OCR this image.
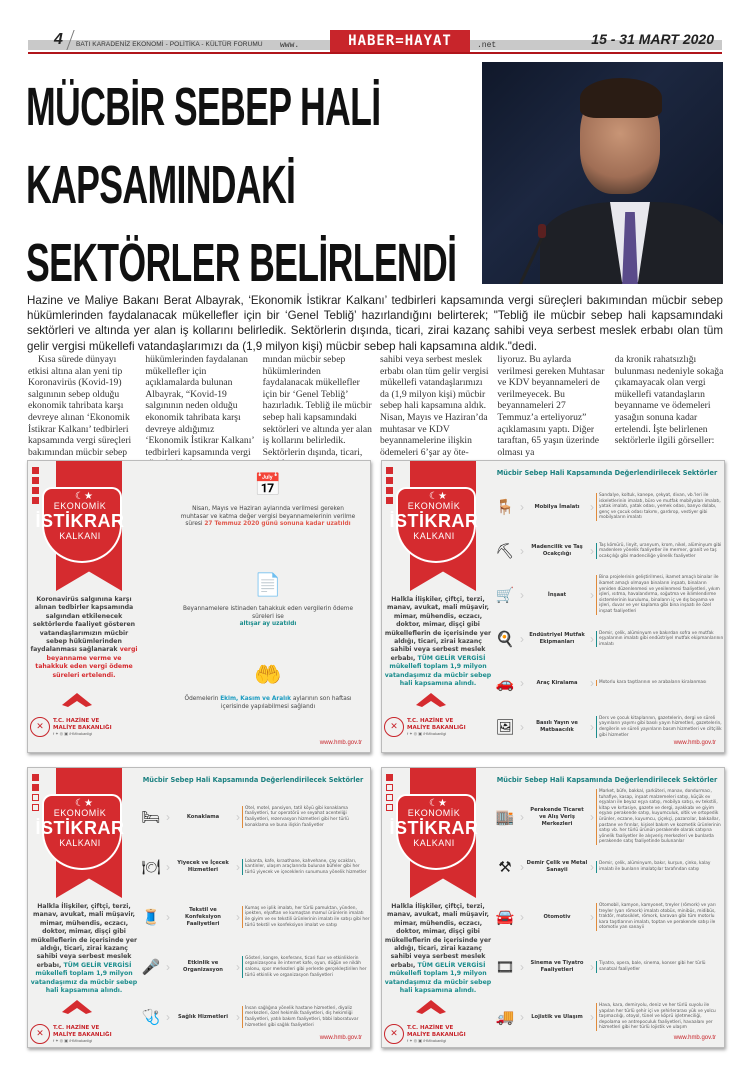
4 BATI KARADENİZ EKONOMİ - POLİTİKA - KÜLTÜR FORUMU www.	HABER=HAYAT	.net	15 - 31 MART 2020
MÜCBİR SEBEP HALİ
KAPSAMINDAKİ
SEKTÖRLER BELİRLENDİ

Hazine ve Maliye Bakanı Berat Albayrak, ‘Ekonomik İstikrar Kalkanı’ tedbirleri kapsamında vergi süreçleri bakımından mücbir sebep hükümlerinden faydalanacak mükellefler için bir ‘Genel Tebliğ’ hazırlandığını belirterek; "Tebliğ ile mücbir sebep hali kapsamındaki sektörleri ve altında yer alan iş kollarını belirledik. Sektörlerin dışında, ticari, zirai kazanç sahibi veya serbest meslek erbabı olan tüm gelir vergisi mükellefi vatandaşlarımızı da (1,9 milyon kişi) mücbir sebep hali kapsamına aldık."dedi.

Kısa sürede dünyayı etkisi altına alan yeni tip Koronavirüs (Kovid-19) salgınının sebep olduğu ekonomik tahribata karşı devreye alınan ‘Ekonomik İstikrar Kalkanı’ tedbirleri kapsamında vergi süreçleri bakımından mücbir sebep

hükümlerinden faydalanan mükellefler için açıklamalarda bulunan Albayrak, “Kovid-19 salgınının neden olduğu ekonomik tahribata karşı devreye aldığımız ‘Ekonomik İstikrar Kalkanı’ tedbirleri kapsamında vergi

mından mücbir sebep hükümlerinden faydalanacak mükellefler için bir ‘Genel Tebliğ’ hazırladık. Tebliğ ile mücbir sebep hali kapsamındaki sektörleri ve altında yer alan iş kollarını belirledik. Sektörlerin dışında, ticari,

sahibi veya serbest meslek erbabı olan tüm gelir vergisi mükellefi vatandaşlarımızı da (1,9 milyon kişi) mücbir sebep hali kapsamına aldık. Nisan, Mayıs ve Haziran’da muhtasar ve KDV beyannamelerine ilişkin ödemeleri 6’şar ay öte-

liyoruz. Bu aylarda verilmesi gereken Muhtasar ve KDV beyannameleri de verilmeyecek. Bu beyannameleri 27 Temmuz’a erteliyoruz” açıklamasını yaptı. Diğer taraftan, 65 yaşın üzerinde olması ya

da kronik rahatsızlığı bulunması nedeniyle sokağa çıkamayacak olan vergi mükellefi vatandaşların beyanname ve ödemeleri yasağın sonuna kadar ertelendi. İşte belirlenen sektörlerle ilgili görseller:

☾★
EKONOMİK
İSTİKRAR
KALKANI
Koronavirüs salgınına karşı alınan tedbirler kapsamında salgından etkilenecek sektörlerde faaliyet gösteren vatandaşlarımızın mücbir sebep hükümlerinden faydalanması sağlanarak vergi beyanname verme ve tahakkuk eden vergi ödeme süreleri ertelendi.
✕	T.C. HAZİNE VE
MALİYE BAKANLIĞI
f ✦ ◎ ▣ /HMbakanligi
📅
Nisan, Mayıs ve Haziran aylarında verilmesi gereken muhtasar ve katma değer vergisi beyannamelerinin verilme süresi 27 Temmuz 2020 günü sonuna kadar uzatıldı
📄
Beyannamelere istinaden tahakkuk eden vergilerin ödeme süreleri ise
altışar ay uzatıldı
🤲
Ödemelerin Ekim, Kasım ve Aralık aylarının son haftası içerisinde yapılabilmesi sağlandı
www.hmb.gov.tr
☾★
EKONOMİK
İSTİKRAR
KALKANI
Halkla İlişkiler, çiftçi, terzi, manav, avukat, mali müşavir, mimar, mühendis, eczacı, doktor, mimar, dişçi gibi mükelleflerin de içerisinde yer aldığı, ticari, zirai kazanç sahibi veya serbest meslek erbabı, TÜM GELİR VERGİSİ mükellefi toplam 1,9 milyon vatandaşımız da mücbir sebep hali kapsamına alındı.
✕	T.C. HAZİNE VE
MALİYE BAKANLIĞI
f ✦ ◎ ▣ /HMbakanligi
Mücbir Sebep Hali Kapsamında Değerlendirilecek Sektörler
🪑 ›	Mobilya İmalatı ›
Sandalye, koltuk, kanepe, çekyat, divan, vb.'leri ile iskeletlerinin imalatı, büro ve mutfak mobilyaları imalatı, yatak imalatı, yatak odası, yemek odası, banyo dolabı, genç ve çocuk odası takımı, gardırop, vestiyer gibi mobilyaların imalatı
⛏ ›	Madencilik ve Taş Ocakçılığı	›	Taş kömürü, linyit, uranyum, krom, nikel, alüminyum gibi madenlere yönelik faaliyetler ile mermer, granit ve taş ocakçılığı gibi madenciliğe yönelik faaliyetler
🛒 ›	İnşaat	›
Bina projelerinin geliştirilmesi, ikamet amaçlı binalar ile ikamet amaçlı olmayan binaların inşaatı, binaların yeniden düzenlenmesi ve yenilenmesi faaliyetleri, yıkım işleri, ısıtma, havalandırma, soğutma ve iklimlendirme sistemlerinin kurulumu, binaların iç ve dış boyama ve işleri, duvar ve yer kaplama gibi bina inşaatı ile özel inşaat faaliyetleri
🍳 ›	Endüstriyel Mutfak Ekipmanları	›	Demir, çelik, alüminyum ve bakırdan sofra ve mutfak eşyalarının imalatı gibi endüstriyel mutfak ekipmanlarının imalatı
🚗 ›	Araç Kiralama	›	Motorlu kara taşıtlarının ve arabaların kiralanması
🖼 ›	Basılı Yayın ve Matbaacılık	›
Ders ve çocuk kitaplarının, gazetelerin, dergi ve süreli yayınların yayımı gibi basılı yayın hizmetleri, gazetelerin, dergilerin ve süreli yayınların basım hizmetleri ve ciltçilik gibi hizmetler
www.hmb.gov.tr
☾★
EKONOMİK
İSTİKRAR
KALKANI
Halkla İlişkiler, çiftçi, terzi, manav, avukat, mali müşavir, mimar, mühendis, eczacı, doktor, mimar, dişçi gibi mükelleflerin de içerisinde yer aldığı, ticari, zirai kazanç sahibi veya serbest meslek erbabı, TÜM GELİR VERGİSİ mükellefi toplam 1,9 milyon vatandaşımız da mücbir sebep hali kapsamına alındı.
✕	T.C. HAZİNE VE
MALİYE BAKANLIĞI
f ✦ ◎ ▣ /HMbakanligi
Mücbir Sebep Hali Kapsamında Değerlendirilecek Sektörler
🛏 ›	Konaklama	›
Otel, motel, pansiyon, tatil köyü gibi konaklama faaliyetleri, tur operatörü ve seyahat acenteliği faaliyetleri, rezervasyon hizmetleri gibi her türlü konaklama ve buna ilişkin faaliyetler
🍽 ›	Yiyecek ve İçecek Hizmetleri	›	Lokanta, kafe, kıraathane, kahvehane, çay ocakları, kantinler, ulaşım araçlarında bulunan büfeler gibi her türlü yiyecek ve içeceklerin sunumuna yönelik hizmetler
🧵 ›
Tekstil ve Konfeksiyon Faaliyetleri	›
Kumaş ve iplik imalatı, her türlü pamuktan, yünden, ipekten, elyaftan ve kumaştan mamul ürünlerin imalatı ile giyim ve ev tekstili ürünlerinin imalatı ile satışı gibi her türlü tekstil ve konfeksiyon imalat ve satışı
🎤 ›	Etkinlik ve Organizasyon	›
Gösteri, kongre, konferans, ticari fuar ve etkinliklerin organizasyonu ile internet kafe, oyun, düğün ve nikâh salonu, spor merkezleri gibi yerlerde gerçekleştirilen her türlü etkinlik ve organizasyon faaliyetleri
🩺 ›	Sağlık Hizmetleri ›
İnsan sağlığına yönelik hastane hizmetleri, diyaliz merkezleri, özel hekimlik faaliyetleri, diş hekimliği faaliyetleri, yatılı bakım faaliyetleri, tıbbi laboratuvar hizmetleri gibi sağlık faaliyetleri
www.hmb.gov.tr
☾★
EKONOMİK
İSTİKRAR
KALKANI
Halkla İlişkiler, çiftçi, terzi, manav, avukat, mali müşavir, mimar, mühendis, eczacı, doktor, mimar, dişçi gibi mükelleflerin de içerisinde yer aldığı, ticari, zirai kazanç sahibi veya serbest meslek erbabı, TÜM GELİR VERGİSİ mükellefi toplam 1,9 milyon vatandaşımız da mücbir sebep hali kapsamına alındı.
✕	T.C. HAZİNE VE
MALİYE BAKANLIĞI
f ✦ ◎ ▣ /HMbakanligi
Mücbir Sebep Hali Kapsamında Değerlendirilecek Sektörler
🏬 ›
Perakende Ticaret ve Alış Veriş Merkezleri	›
Market, büfe, bakkal, şarküteri, manav, dondurmacı, tuhafiye, kasap, inşaat malzemeleri satışı, küçük ev eşyaları ile beyaz eşya satışı, mobilya satışı, ev tekstili, kitap ve kırtasiye, gazete ve dergi, ayakkabı ve giyim eşyası perakende satışı, kuyumculuk, oltik ve ortopedik ürünler, eczane, kuyumcu, çiçekçi, pazarcılar, bakkallar, pastane ve fırınlar, kişisel bakım ve kozmetik ürünlerinin satışı vb. her türlü ürünün perakende olarak satışına yönelik faaliyetler ile alışveriş merkezleri ve bunlarda perakende satış faaliyetinde bulunanlar
⚒ › Demir Çelik ve Metal Sanayii	›	Demir, çelik, alüminyum, bakır, kurşun, çinko, kalay imalatı ile bunların imalatçılar tarafından satışı
🚘 ›	Otomotiv	›
Otomobil, kamyon, kamyonet, treyler (römork) ve yarı treyler (yarı römork) imalatı otobüs, minibüs, midibüs, traktör, motosiklet, römork, karavan gibi tüm motorlu kara taşıtlarının imalatı, toptan ve perakende satışı ile otomotiv yan sanayii
🎞 ›	Sinema ve Tiyatro Faaliyetleri	›	Tiyatro, opera, bale, sinema, konser gibi her türlü sanatsal faaliyetler
🚚 ›	Lojistik ve Ulaşım ›
Hava, kara, demiryolu, deniz ve her türlü suyolu ile yapılan her türlü şehir içi ve şehirlerarası yük ve yolcu taşımacılığı, otoyol, tünel ve köprü işletmeciliği, depolama ve antrepoculuk faaliyetleri, havaalanı yer hizmetleri gibi her türlü lojistik ve ulaşım
www.hmb.gov.tr
